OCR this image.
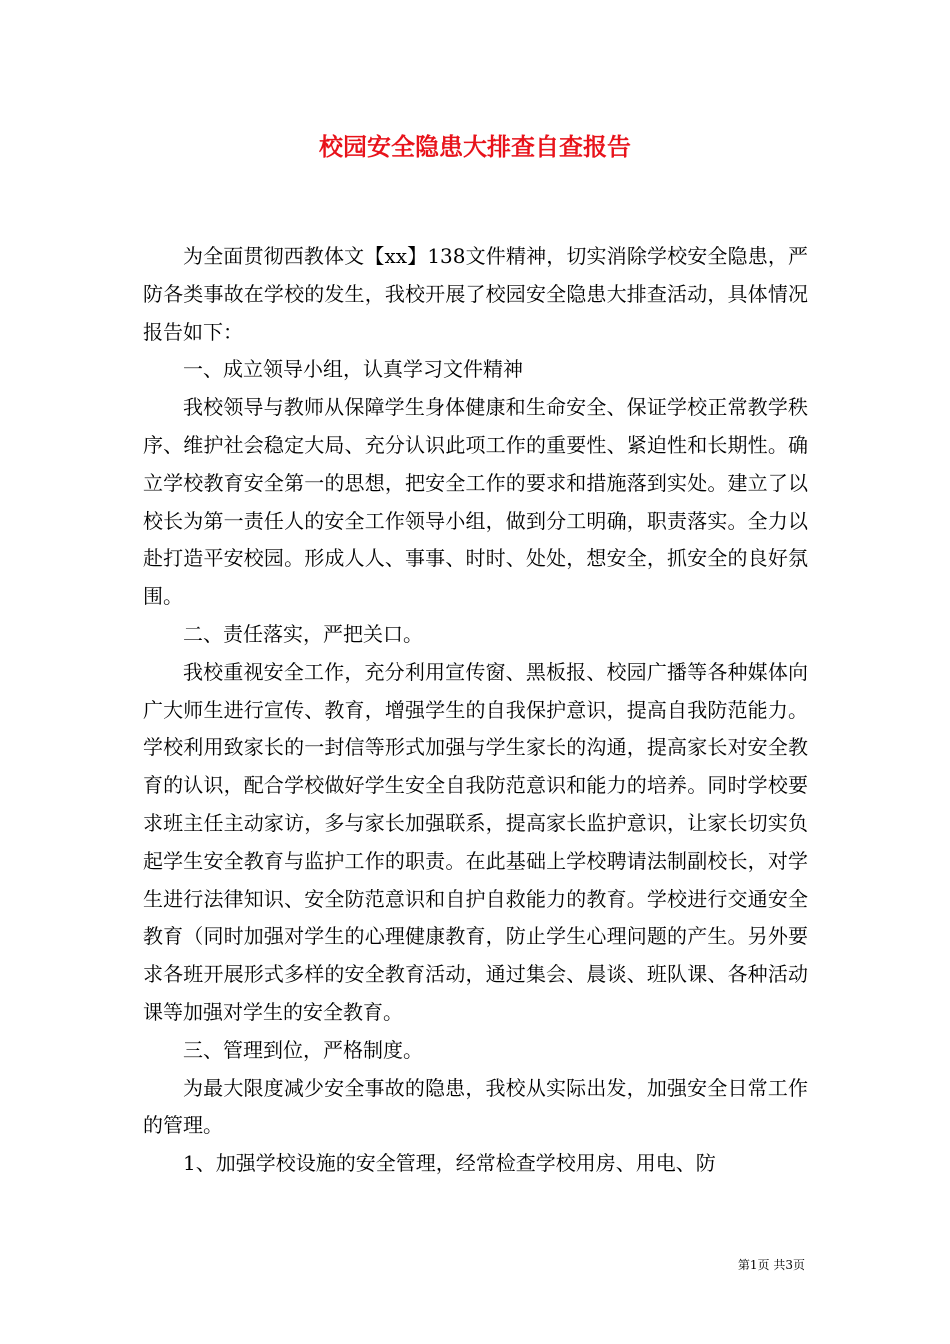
校园安全隐患大排查自查报告

为全面贯彻西教体文【xx】138文件精神，切实消除学校安全隐患，严防各类事故在学校的发生，我校开展了校园安全隐患大排查活动，具体情况报告如下：

一、成立领导小组，认真学习文件精神

我校领导与教师从保障学生身体健康和生命安全、保证学校正常教学秩序、维护社会稳定大局、充分认识此项工作的重要性、紧迫性和长期性。确立学校教育安全第一的思想，把安全工作的要求和措施落到实处。建立了以校长为第一责任人的安全工作领导小组，做到分工明确，职责落实。全力以赴打造平安校园。形成人人、事事、时时、处处，想安全，抓安全的良好氛围。

二、责任落实，严把关口。

我校重视安全工作，充分利用宣传窗、黑板报、校园广播等各种媒体向广大师生进行宣传、教育，增强学生的自我保护意识，提高自我防范能力。学校利用致家长的一封信等形式加强与学生家长的沟通，提高家长对安全教育的认识，配合学校做好学生安全自我防范意识和能力的培养。同时学校要求班主任主动家访，多与家长加强联系，提高家长监护意识，让家长切实负起学生安全教育与监护工作的职责。在此基础上学校聘请法制副校长，对学生进行法律知识、安全防范意识和自护自救能力的教育。学校进行交通安全教育（同时加强对学生的心理健康教育，防止学生心理问题的产生。另外要求各班开展形式多样的安全教育活动，通过集会、晨谈、班队课、各种活动课等加强对学生的安全教育。

三、管理到位，严格制度。

为最大限度减少安全事故的隐患，我校从实际出发，加强安全日常工作的管理。

1、加强学校设施的安全管理，经常检查学校用房、用电、防

第1页 共3页
